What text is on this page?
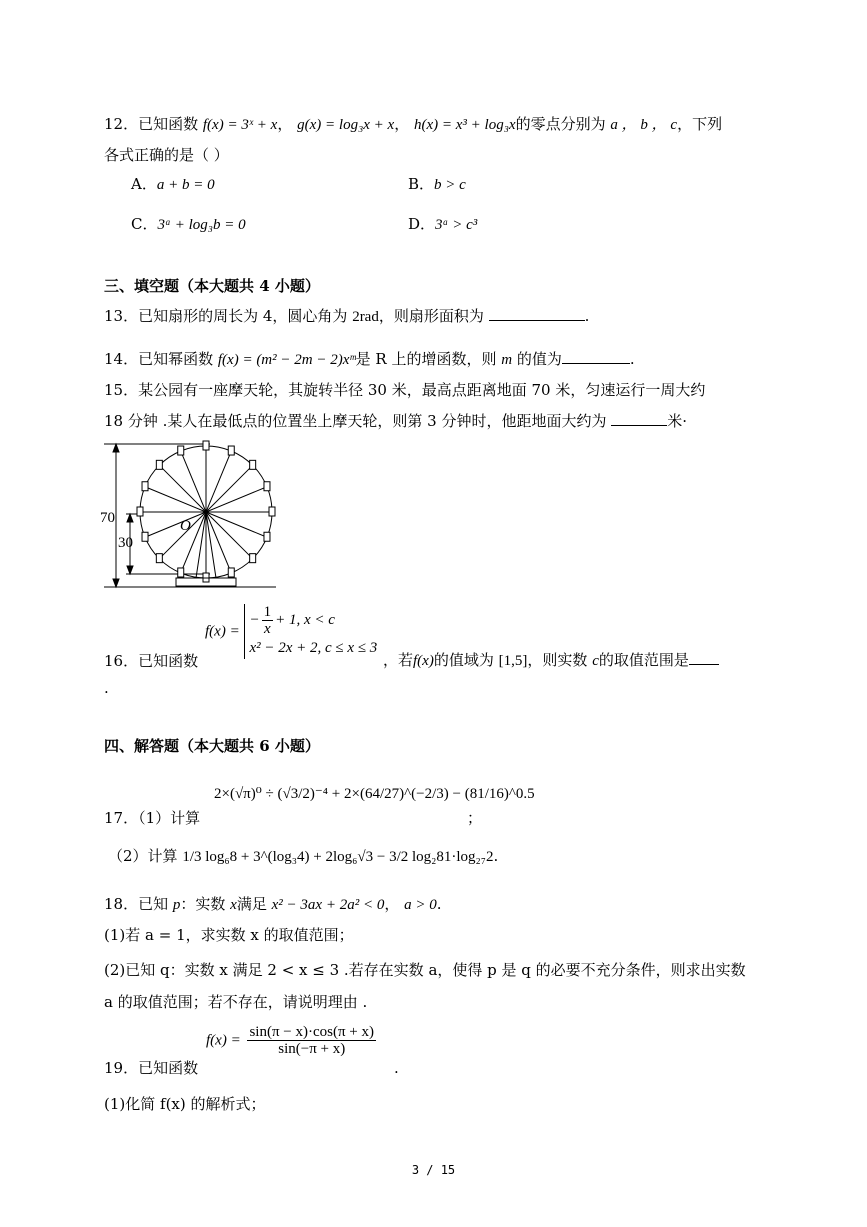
12．已知函数 f(x) = 3ˣ + x， g(x) = log₃x + x， h(x) = x³ + log₃x的零点分别为 a ， b ， c，下列
各式正确的是（ ）
A．a + b = 0	B．b > c
C．3ᵃ + log₃b = 0	D．3ᵃ > c³
三、填空题（本大题共 4 小题）
13．已知扇形的周长为 4，圆心角为 2rad，则扇形面积为	.
14．已知幂函数 f(x) = (m² − 2m − 2)xᵐ是 R 上的增函数，则 m 的值为	.
15．某公园有一座摩天轮，其旋转半径 30 米，最高点距离地面 70 米，匀速运行一周大约
18 分钟 .某人在最低点的位置坐上摩天轮，则第 3 分钟时，他距地面大约为	米·
70
30
O
16．已知函数
f(x) =
− $\frac{1}{x} + 1$, x < c
x² − 2x + 2, c ≤ x ≤ 3
，若f(x)的值域为 [1,5]，则实数 c的取值范围是
.
四、解答题（本大题共 6 小题）
2×(√π)⁰ ÷ (√3/2)⁻⁴ + 2×(64/27)^(−2/3) − (81/16)^0.5
17．（1）计算	；
（2）计算 1/3 log₆8 + 3^(log₃4) + 2log₆√3 − 3/2 log₂81·log₂₇2.
18．已知 p：实数 x满足 x² − 3ax + 2a² < 0， a > 0.
(1)若 a = 1，求实数 x 的取值范围；
(2)已知 q：实数 x 满足 2 < x ≤ 3 .若存在实数 a，使得 p 是 q 的必要不充分条件，则求出实数
a 的取值范围；若不存在，请说明理由 .
19．已知函数
$f(x) = \frac{\sin(\pi - x)\cdot\cos(\pi + x)}{\sin(-\pi + x)}$
.
(1)化简 f(x) 的解析式；
3 / 15
